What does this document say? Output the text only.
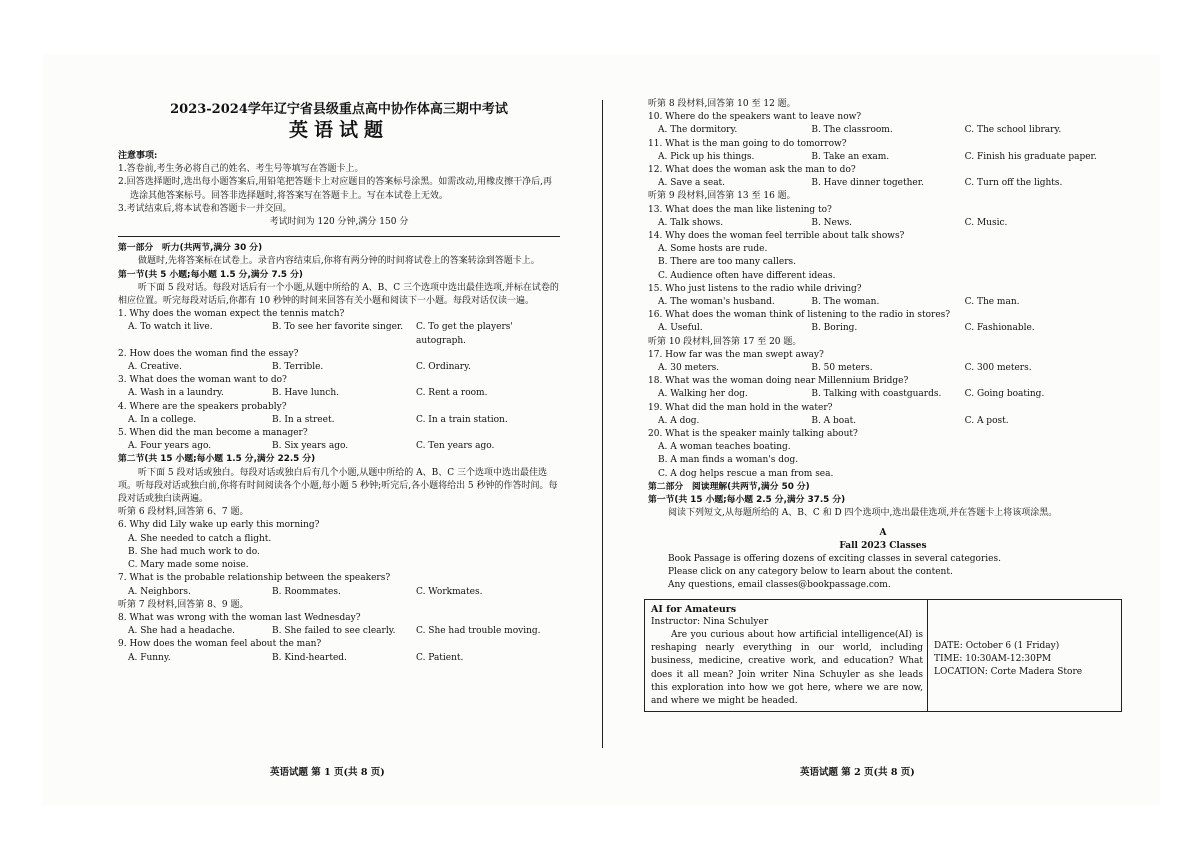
2023-2024学年辽宁省县级重点高中协作体高三期中考试
英语试题
注意事项:
1.答卷前,考生务必将自己的姓名、考生号等填写在答题卡上。
2.回答选择题时,选出每小题答案后,用铅笔把答题卡上对应题目的答案标号涂黑。如需改动,用橡皮擦干净后,再选涂其他答案标号。回答非选择题时,将答案写在答题卡上。写在本试卷上无效。
3.考试结束后,将本试卷和答题卡一并交回。
考试时间为 120 分钟,满分 150 分
第一部分　听力(共两节,满分 30 分)
做题时,先将答案标在试卷上。录音内容结束后,你将有两分钟的时间将试卷上的答案转涂到答题卡上。
第一节(共 5 小题;每小题 1.5 分,满分 7.5 分)
听下面 5 段对话。每段对话后有一个小题,从题中所给的 A、B、C 三个选项中选出最佳选项,并标在试卷的相应位置。听完每段对话后,你都有 10 秒钟的时间来回答有关小题和阅读下一小题。每段对话仅读一遍。
1. Why does the woman expect the tennis match?
A. To watch it live.	B. To see her favorite singer.	C. To get the players' autograph.
2. How does the woman find the essay?
A. Creative.	B. Terrible.	C. Ordinary.
3. What does the woman want to do?
A. Wash in a laundry.	B. Have lunch.	C. Rent a room.
4. Where are the speakers probably?
A. In a college.	B. In a street.	C. In a train station.
5. When did the man become a manager?
A. Four years ago.	B. Six years ago.	C. Ten years ago.
第二节(共 15 小题;每小题 1.5 分,满分 22.5 分)
听下面 5 段对话或独白。每段对话或独白后有几个小题,从题中所给的 A、B、C 三个选项中选出最佳选项。听每段对话或独白前,你将有时间阅读各个小题,每小题 5 秒钟;听完后,各小题将给出 5 秒钟的作答时间。每段对话或独白读两遍。
听第 6 段材料,回答第 6、7 题。
6. Why did Lily wake up early this morning?
A. She needed to catch a flight.
B. She had much work to do.
C. Mary made some noise.
7. What is the probable relationship between the speakers?
A. Neighbors.	B. Roommates.	C. Workmates.
听第 7 段材料,回答第 8、9 题。
8. What was wrong with the woman last Wednesday?
A. She had a headache.	B. She failed to see clearly.	C. She had trouble moving.
9. How does the woman feel about the man?
A. Funny.	B. Kind-hearted.	C. Patient.
听第 8 段材料,回答第 10 至 12 题。
10. Where do the speakers want to leave now?
A. The dormitory.	B. The classroom.	C. The school library.
11. What is the man going to do tomorrow?
A. Pick up his things.	B. Take an exam.	C. Finish his graduate paper.
12. What does the woman ask the man to do?
A. Save a seat.	B. Have dinner together.	C. Turn off the lights.
听第 9 段材料,回答第 13 至 16 题。
13. What does the man like listening to?
A. Talk shows.	B. News.	C. Music.
14. Why does the woman feel terrible about talk shows?
A. Some hosts are rude.
B. There are too many callers.
C. Audience often have different ideas.
15. Who just listens to the radio while driving?
A. The woman's husband.	B. The woman.	C. The man.
16. What does the woman think of listening to the radio in stores?
A. Useful.	B. Boring.	C. Fashionable.
听第 10 段材料,回答第 17 至 20 题。
17. How far was the man swept away?
A. 30 meters.	B. 50 meters.	C. 300 meters.
18. What was the woman doing near Millennium Bridge?
A. Walking her dog.	B. Talking with coastguards.	C. Going boating.
19. What did the man hold in the water?
A. A dog.	B. A boat.	C. A post.
20. What is the speaker mainly talking about?
A. A woman teaches boating.
B. A man finds a woman's dog.
C. A dog helps rescue a man from sea.
第二部分　阅读理解(共两节,满分 50 分)
第一节(共 15 小题;每小题 2.5 分,满分 37.5 分)
阅读下列短文,从每题所给的 A、B、C 和 D 四个选项中,选出最佳选项,并在答题卡上将该项涂黑。
A
Fall 2023 Classes
Book Passage is offering dozens of exciting classes in several categories.
Please click on any category below to learn about the content.
Any questions, email classes@bookpassage.com.
AI for Amateurs
Instructor: Nina Schulyer
Are you curious about how artificial intelligence(AI) is reshaping nearly everything in our world, including business, medicine, creative work, and education? What does it all mean? Join writer Nina Schuyler as she leads this exploration into how we got here, where we are now, and where we might be headed.
DATE: October 6 (1 Friday)
TIME: 10:30AM-12:30PM
LOCATION: Corte Madera Store
英语试题 第 1 页(共 8 页)	英语试题 第 2 页(共 8 页)
